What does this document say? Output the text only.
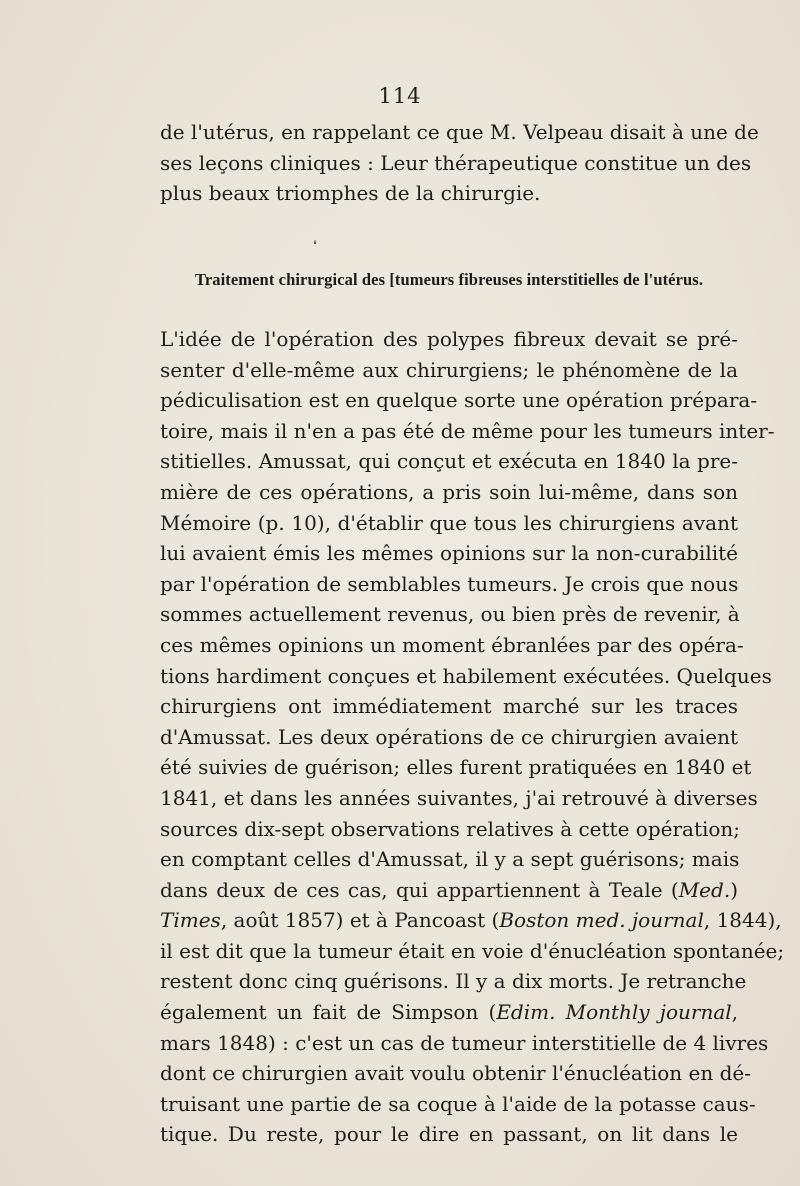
114
de l'utérus, en rappelant ce que M. Velpeau disait à une de
ses leçons cliniques : Leur thérapeutique constitue un des
plus beaux triomphes de la chirurgie.
❛
Traitement chirurgical des [tumeurs fibreuses interstitielles de l'utérus.
L'idée de l'opération des polypes fibreux devait se pré-
senter d'elle-même aux chirurgiens; le phénomène de la
pédiculisation est en quelque sorte une opération prépara-
toire, mais il n'en a pas été de même pour les tumeurs inter-
stitielles. Amussat, qui conçut et exécuta en 1840 la pre-
mière de ces opérations, a pris soin lui-même, dans son
Mémoire (p. 10), d'établir que tous les chirurgiens avant
lui avaient émis les mêmes opinions sur la non-curabilité
par l'opération de semblables tumeurs. Je crois que nous
sommes actuellement revenus, ou bien près de revenir, à
ces mêmes opinions un moment ébranlées par des opéra-
tions hardiment conçues et habilement exécutées. Quelques
chirurgiens ont immédiatement marché sur les traces
d'Amussat. Les deux opérations de ce chirurgien avaient
été suivies de guérison; elles furent pratiquées en 1840 et
1841, et dans les années suivantes, j'ai retrouvé à diverses
sources dix-sept observations relatives à cette opération;
en comptant celles d'Amussat, il y a sept guérisons; mais
dans deux de ces cas, qui appartiennent à Teale (Med.)
Times, août 1857) et à Pancoast (Boston med. journal, 1844),
il est dit que la tumeur était en voie d'énucléation spontanée;
restent donc cinq guérisons. Il y a dix morts. Je retranche
également un fait de Simpson (Edim. Monthly journal,
mars 1848) : c'est un cas de tumeur interstitielle de 4 livres
dont ce chirurgien avait voulu obtenir l'énucléation en dé-
truisant une partie de sa coque à l'aide de la potasse caus-
tique. Du reste, pour le dire en passant, on lit dans le
